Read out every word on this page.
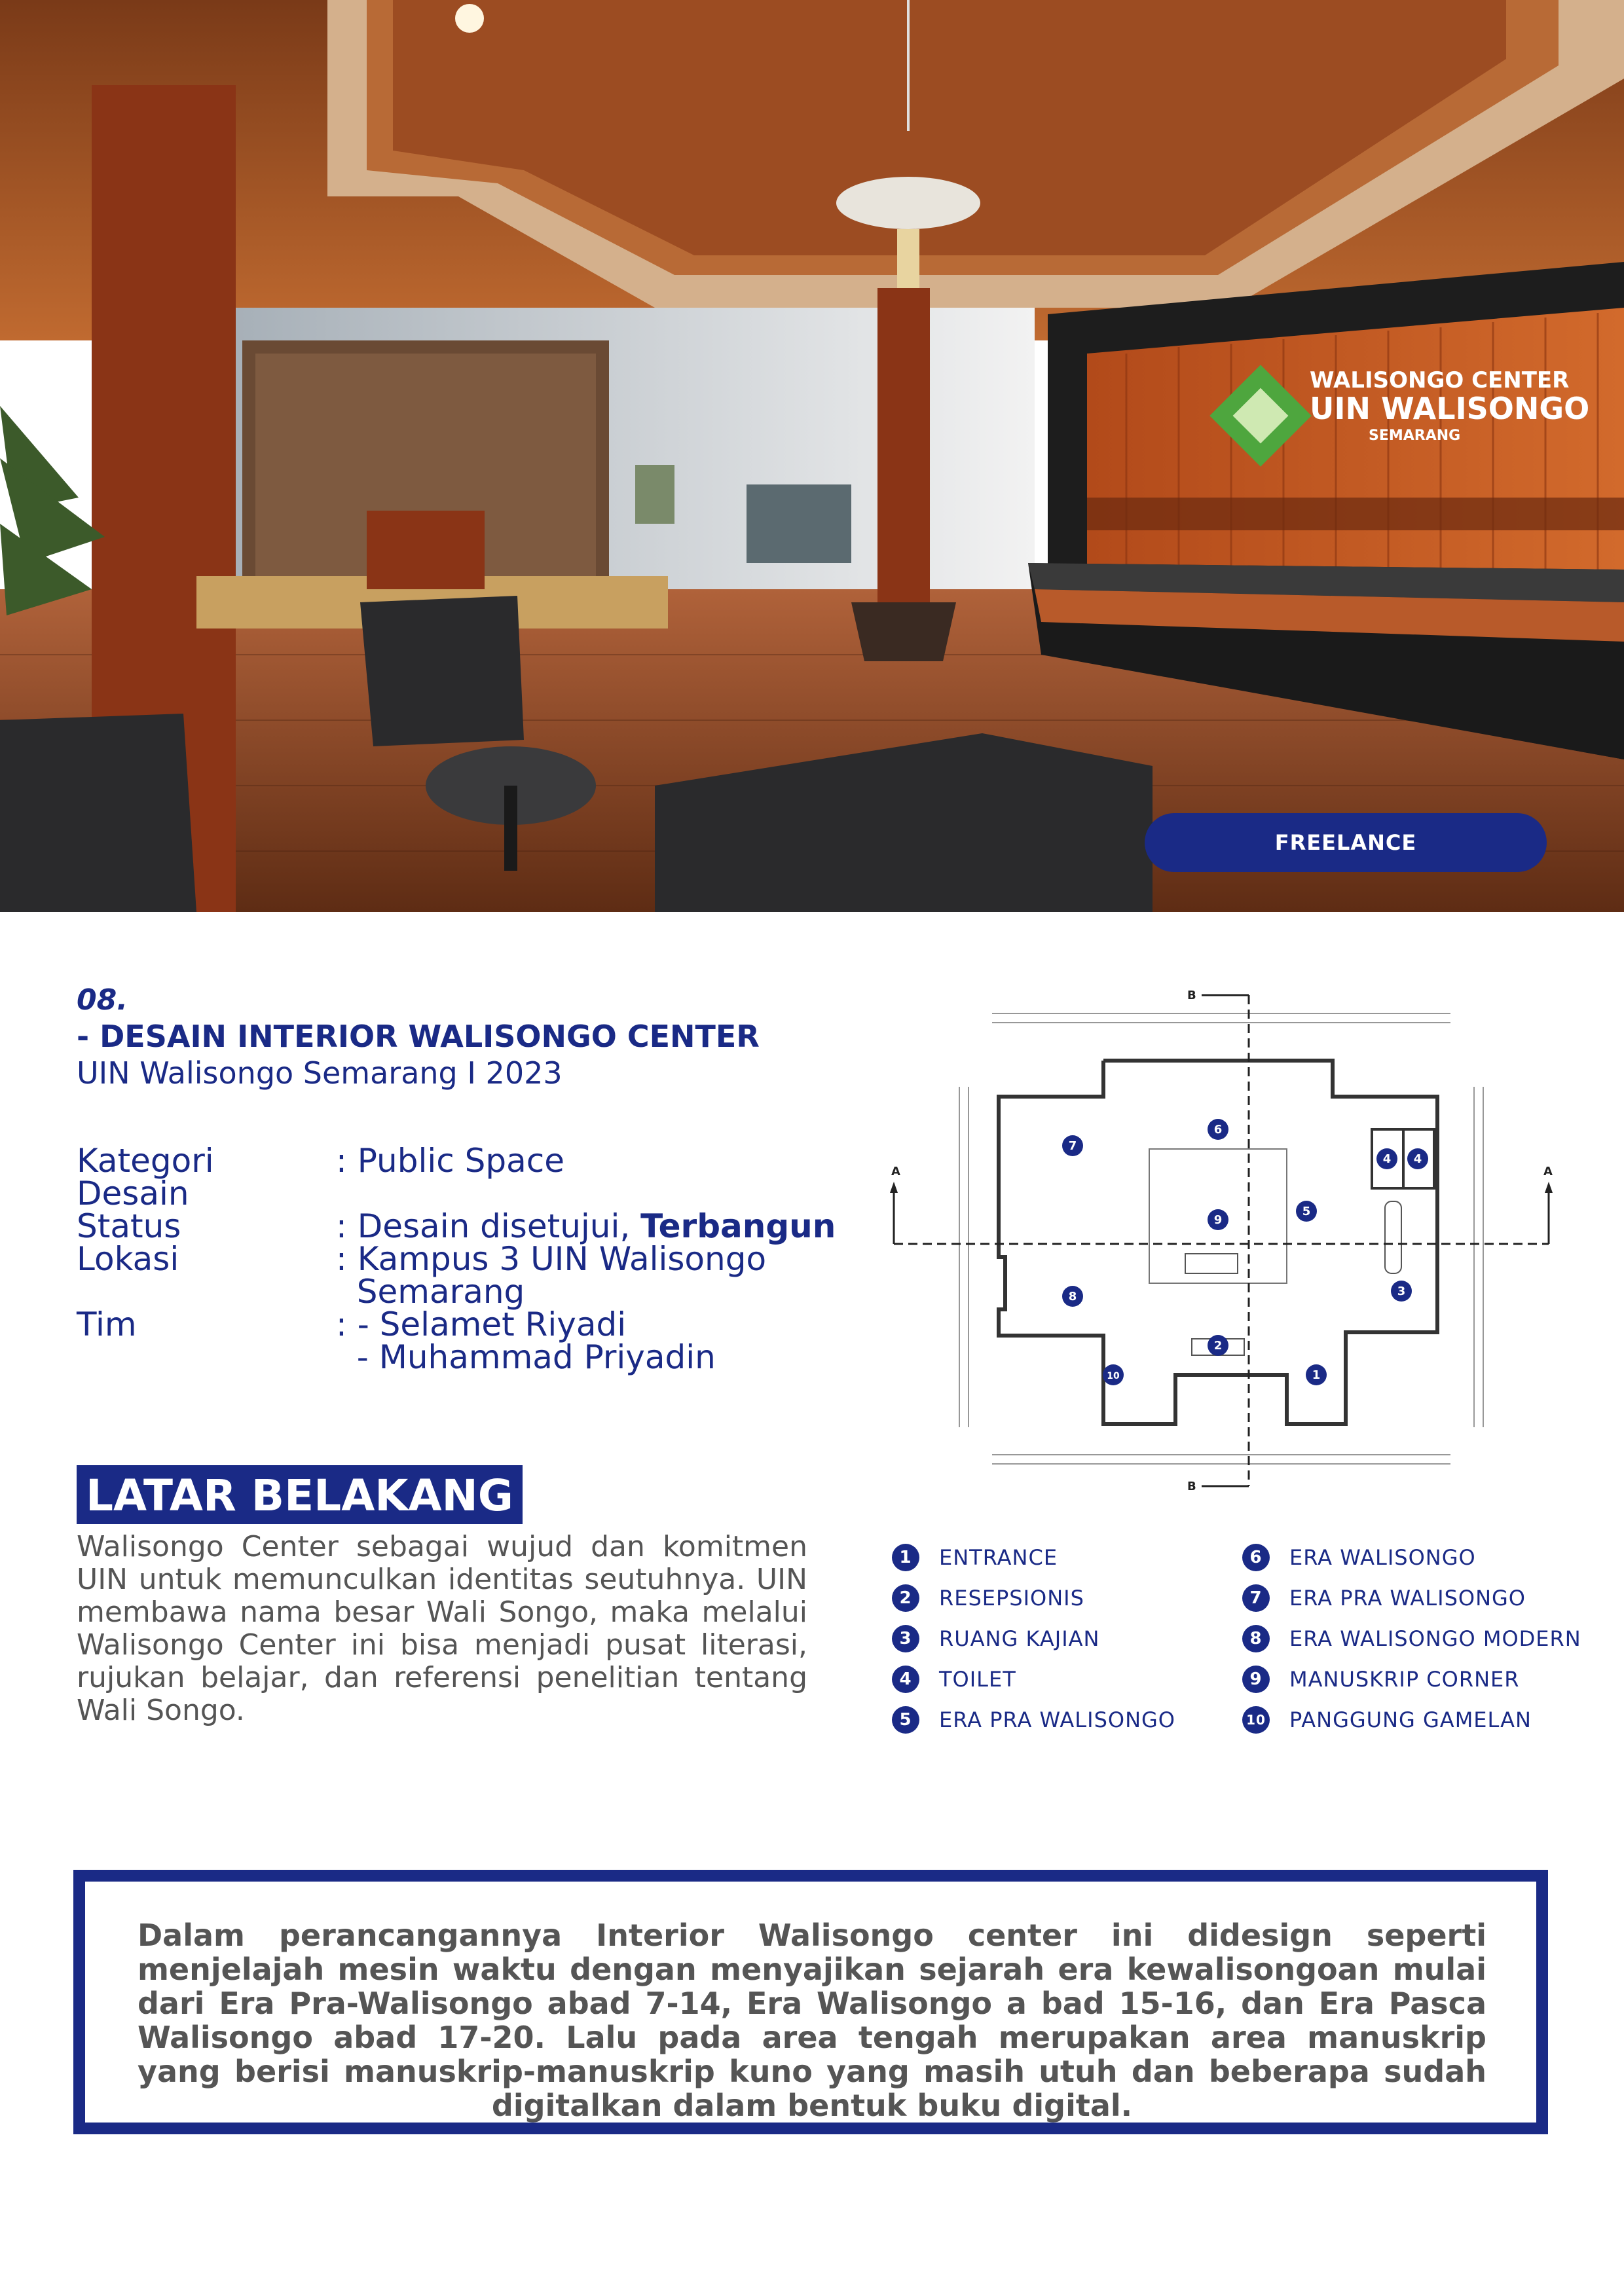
WALISONGO CENTER
UIN WALISONGO
SEMARANG
FREELANCE
08.
- DESAIN INTERIOR WALISONGO CENTER
UIN Walisongo Semarang I 2023
Kategori Desain
: Public Space
Status	: Desain disetujui, Terbangun
Lokasi	: Kampus 3 UIN Walisongo
Semarang
Tim	: - Selamet Riyadi
- Muhammad Priyadin
LATAR BELAKANG
Walisongo Center sebagai wujud dan komitmen UIN untuk memunculkan identitas seutuhnya. UIN membawa nama besar Wali Songo, maka melalui Walisongo Center ini bisa menjadi pusat literasi, rujukan belajar, dan referensi penelitian tentang Wali Songo.
A	A
B
B
1
2
3
4 4
5
6
7
8
9
10
1	ENTRANCE
2	RESEPSIONIS
3	RUANG KAJIAN
4	TOILET
5	ERA PRA WALISONGO
6	ERA WALISONGO
7	ERA PRA WALISONGO
8	ERA WALISONGO MODERN
9	MANUSKRIP CORNER
10 PANGGUNG GAMELAN
Dalam perancangannya Interior Walisongo center ini didesign seperti menjelajah mesin waktu dengan menyajikan sejarah era kewalisongoan mulai dari Era Pra-Walisongo abad 7-14, Era Walisongo a bad 15-16, dan Era Pasca Walisongo abad 17-20. Lalu pada area tengah merupakan area manuskrip yang berisi manuskrip-manuskrip kuno yang masih utuh dan beberapa sudah digitalkan dalam bentuk buku digital.
